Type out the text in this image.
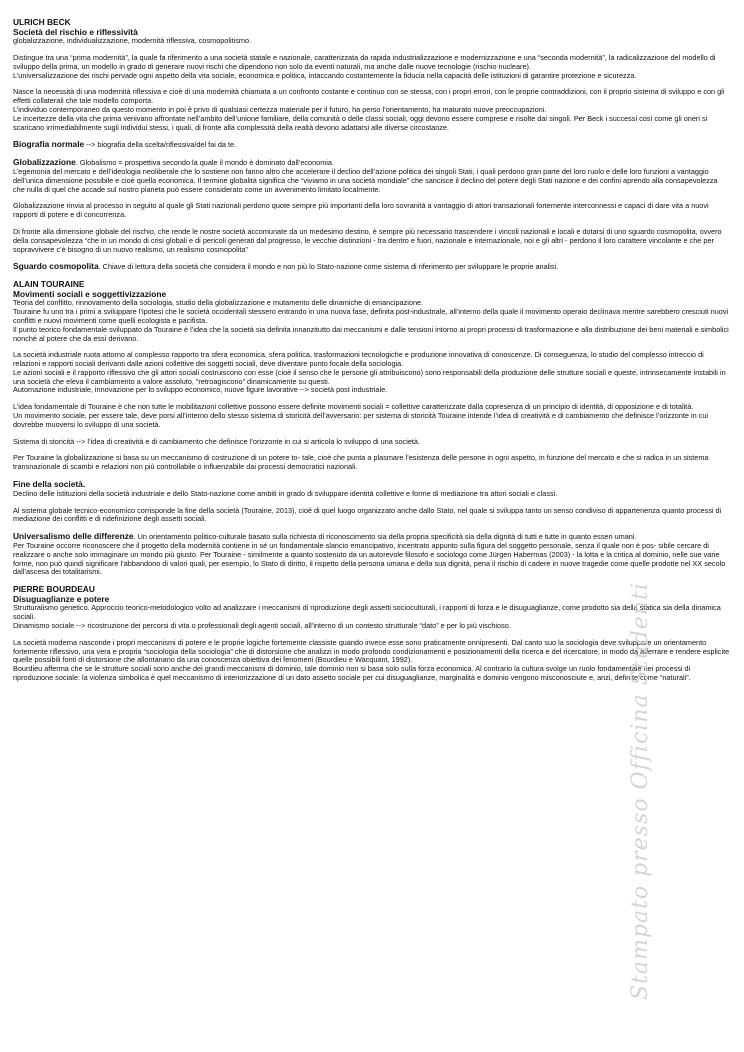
ULRICH BECK

Società del rischio e riflessività

globalizzazione, individualizzazione, modernità riflessiva, cosmopolitismo.

Distingue tra una “prima modernità”, la quale fa riferimento a una società statale e nazionale, caratterizzata da rapida industrializzazione e modernizzazione e una “seconda modernità”, la radicalizzazione del modello di sviluppo della prima, un modello in grado di generare nuovi rischi che dipendono non solo da eventi naturali, ma anche dalle nuove tecnologie (rischio nucleare).

L’universalizzazione dei rischi pervade ogni aspetto della vita sociale, economica e politica, intaccando costantemente la fiducia nella capacità delle istituzioni di garantire protezione e sicurezza.

Nasce la necessità di una modernità riflessiva e cioè di una modernità chiamata a un confronto costante e continuo con se stessa, con i propri errori, con le proprie contraddizioni, con il proprio sistema di sviluppo e con gli effetti collaterali che tale modello comporta.

L’individuo contemporaneo da questo momento in poi è privo di qualsiasi certezza materiale per il futuro, ha perso l’orientamento, ha maturato nuove preoccupazioni.

Le incertezze della vita che prima venivano affrontate nell’ambito dell’unione familiare, della comunità o delle classi sociali, oggi devono essere comprese e risolte dai singoli. Per Beck i successi così come gli oneri si scaricano irrimediabilmente sugli individui stessi, i quali, di fronte alla complessità della realtà devono adattarsi alle diverse circostanze.

Biografia normale --> biografia della scelta/riflessiva/del fai da te.

Globalizzazione. Globalismo = prospettiva secondo la quale il mondo è dominato dall’economia.

L’egemonia del mercato e dell’ideologia neoliberale che lo sostiene non fanno altro che accelerare il declino dell’azione politica dei singoli Stati, i quali perdono gran parte del loro ruolo e delle loro funzioni a vantaggio dell’unica dimensione possibile e cioè quella economica. Il termine globalità significa che “viviamo in una società mondiale” che sancisce il declino del potere degli Stati nazione e dei confini aprendo alla consapevolezza che nulla di quel che accade sul nostro pianeta può essere considerato come un avvenimento limitato localmente.

Globalizzazione rinvia al processo in seguito al quale gli Stati nazionali perdono quote sempre più importanti della loro sovranità a vantaggio di attori transazionali fortemente interconnessi e capaci di dare vita a nuovi rapporti di potere e di concorrenza.

Di fronte alla dimensione globale del rischio, che rende le nostre società accomunate da un medesimo destino, è sempre più necessario trascendere i vincoli nazionali e locali e dotarsi di uno sguardo cosmopolita, ovvero della consapevolezza “che in un mondo di crisi globali e di pericoli generati dal progresso, le vecchie distinzioni - tra dentro e fuori, nazionale e internazionale, noi e gli altri - perdono il loro carattere vincolante e che per sopravvivere c’è bisogno di un nuovo realismo, un realismo cosmopolita”

Sguardo cosmopolita. Chiave di lettura della società che considera il mondo e non più lo Stato-nazione come sistema di riferimento per sviluppare le proprie analisi.

ALAIN TOURAINE

Movimenti sociali e soggettivizzazione

Teoria del conflitto, rinnovamento della sociologia, studio della globalizzazione e mutamento delle dinamiche di emancipazione.

Touraine fu uno tra i primi a sviluppare l’ipotesi che le società occidentali stessero entrando in una nuova fase, definita post-industriale, all’interno della quale il movimento operaio declinava mentre sarebbero cresciuti nuovi conflitti e nuovi movimenti come quelli ecologista e pacifista.

Il punto teorico fondamentale sviluppato da Touraine è l’idea che la società sia definita innanzitutto dai meccanismi e dalle tensioni intorno ai propri processi di trasformazione e alla distribuzione dei beni materiali e simbolici nonché al potere che da essi derivano.

La società industriale ruota attorno al complesso rapporto tra sfera economica, sfera politica, trasformazioni tecnologiche e produzione innovativa di conoscenze. Di conseguenza, lo studio del complesso intreccio di relazioni e rapporti sociali derivanti dalle azioni collettive dei soggetti sociali, deve diventare punto focale della sociologia.

Le azioni sociali e il rapporto riflessivo che gli attori sociali costruiscono con esse (cioè il senso che le persone gli attribuiscono) sono responsabili della produzione delle strutture sociali e queste, intrinsecamente instabili in una società che eleva il cambiamento a valore assoluto, “retroagiscono” dinamicamente su questi.

Automazione industriale, innovazione per lo sviluppo economico, nuove figure lavorative --> società post industriale.

L’idea fondamentale di Touraine è che non tutte le mobilitazioni collettive possono essere definite movimenti sociali = collettive caratterizzate dalla copresenza di un principio di identità, di opposizione e di totalità.

Un movimento sociale, per essere tale, deve porsi all’interno dello stesso sistema di storicità dell’avversario: per sistema di storicità Touraine intende l’idea di creatività e di cambiamento che definisce l’orizzonte in cui dovrebbe muoversi lo sviluppo di una società.

Sistema di storicità --> l’idea di creatività e di cambiamento che definisce l’orizzonte in cui si articola lo sviluppo di una società.

Per Touraine la globalizzazione si basa su un meccanismo di costruzione di un potere to- tale, cioè che punta a plasmare l’esistenza delle persone in ogni aspetto, in funzione del mercato e che si radica in un sistema transnazionale di scambi e relazioni non più controllabile o influenzabile dai processi democratici nazionali.

Fine della società.

Declino delle istituzioni della società industriale e dello Stato-nazione come ambiti in grado di sviluppare identità collettive e forme di mediazione tra attori sociali e classi.

Al sistema globale tecnico-economico corrisponde la fine della società (Touraine, 2013), cioè di quel luogo organizzato anche dallo Stato, nel quale si sviluppa tanto un senso condiviso di appartenenza quanto processi di mediazione dei conflitti e di ridefinizione degli assetti sociali.

Universalismo delle differenze. Un orientamento politico-culturale basato sulla richiesta di riconoscimento sia della propria specificità sia della dignità di tutti e tutte in quanto esseri umani.

Per Touraine occorre riconoscere che il progetto della modernità contiene in sé un fondamentale slancio emancipativo, incentrato appunto sulla figura del soggetto personale, senza il quale non è pos- sibile cercare di realizzare o anche solo immaginare un mondo più giusto. Per Touraine - similmente a quanto sostenuto da un autorevole filosofo e sociologo come Jürgen Habermas (2003) - la lotta e la critica al dominio, nelle sue varie forme, non può quindi significare l’abbandono di valori quali, per esempio, lo Stato di diritto, il rispetto della persona umana e della sua dignità, pena il rischio di cadere in nuove tragedie come quelle prodotte nel XX secolo dall’ascesa dei totalitarismi.

PIERRE BOURDEAU

Disuguaglianze e potere

Strutturalismo genetico. Approccio teorico-metodologico volto ad analizzare i meccanismi di riproduzione degli assetti socioculturali, i rapporti di forza e le disuguaglianze, come prodotto sia della statica sia della dinamica sociali.

Dinamismo sociale --> ricostruzione dei percorsi di vita o professionali degli agenti sociali, all’interno di un contesto strutturale “dato” e per lo più vischioso.

La società moderna nasconde i propri meccanismi di potere e le proprie logiche fortemente classiste quando invece esse sono praticamente onnipresenti. Dal canto suo la sociologia deve sviluppare un orientamento fortemente riflessivo, una vera e propria “sociologia della sociologia” che di distorsione che analizzi in modo profondo condizionamenti e posizionamenti della ricerca e del ricercatore, in modo da afferrare e rendere esplicite quelle possibili fonti di distorsione che allontanano da una conoscenza obiettiva dei fenomeni (Bourdieu e Wacquant, 1992).

Bourdieu afferma che se le strutture sociali sono anche dei grandi meccanismi di dominio, tale dominio non si basa solo sulla forza economica. Al contrario la cultura svolge un ruolo fondamentale nei processi di riproduzione sociale: la violenza simbolica è quel meccanismo di interiorizzazione di un dato assetto sociale per cui disuguaglianze, marginalità e dominio vengono misconosciute e, anzi, definite come “naturali”.

Stampato presso Officina Studenti
